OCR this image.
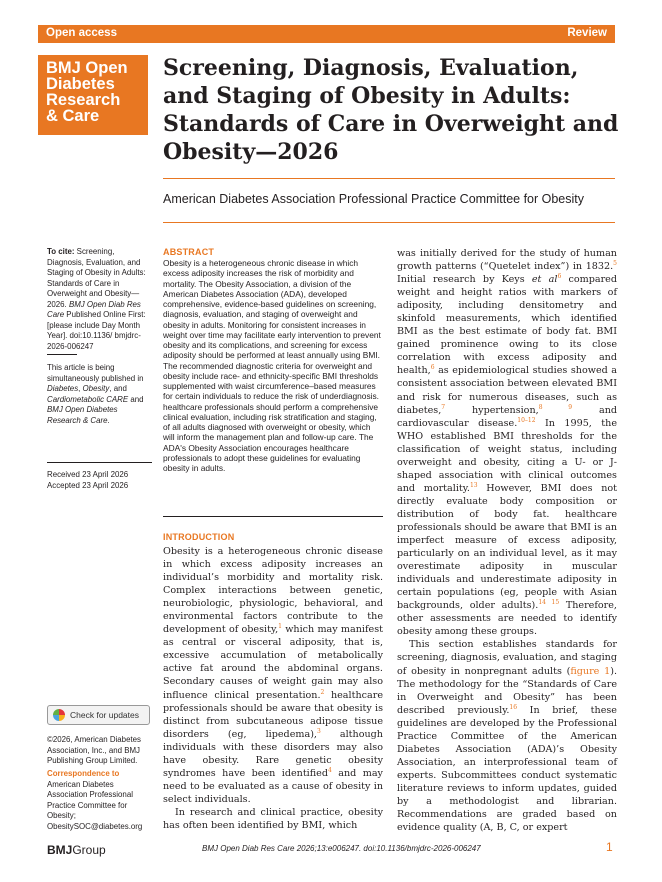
Open access	Review
BMJ Open
Diabetes
Research
& Care
Screening, Diagnosis, Evaluation, and Staging of Obesity in Adults: Standards of Care in Overweight and Obesity—2026
American Diabetes Association Professional Practice Committee for Obesity
To cite: Screening, Diagnosis, Evaluation, and Staging of Obesity in Adults: Standards of Care in Overweight and Obesity—2026. BMJ Open Diab Res Care Published Online First: [please include Day Month Year]. doi:10.1136/ bmjdrc-2026-006247
This article is being simultaneously published in Diabetes, Obesity, and Cardiometabolic CARE and BMJ Open Diabetes Research & Care.
Received 23 April 2026
Accepted 23 April 2026
Check for updates
©2026, American Diabetes Association, Inc., and BMJ Publishing Group Limited.
Correspondence to
American Diabetes Association Professional Practice Committee for Obesity; ObesitySOC@diabetes.org
ABSTRACT
Obesity is a heterogeneous chronic disease in which excess adiposity increases the risk of morbidity and mortality. The Obesity Association, a division of the American Diabetes Association (ADA), developed comprehensive, evidence-based guidelines on screening, diagnosis, evaluation, and staging of overweight and obesity in adults. Monitoring for consistent increases in weight over time may facilitate early intervention to prevent obesity and its complications, and screening for excess adiposity should be performed at least annually using BMI. The recommended diagnostic criteria for overweight and obesity include race- and ethnicity-specific BMI thresholds supplemented with waist circumference–based measures for certain individuals to reduce the risk of underdiagnosis. healthcare professionals should perform a comprehensive clinical evaluation, including risk stratification and staging, of all adults diagnosed with overweight or obesity, which will inform the management plan and follow-up care. The ADA's Obesity Association encourages healthcare professionals to adopt these guidelines for evaluating obesity in adults.
INTRODUCTION

Obesity is a heterogeneous chronic disease in which excess adiposity increases an individual’s morbidity and mortality risk. Complex interactions between genetic, neurobiologic, physiologic, behavioral, and environmental factors contribute to the development of obesity,$^1$ which may manifest as central or visceral adiposity, that is, excessive accumulation of metabolically active fat around the abdominal organs. Secondary causes of weight gain may also influence clinical presentation.$^2$ healthcare professionals should be aware that obesity is distinct from subcutaneous adipose tissue disorders (eg, lipedema),$^3$ although individuals with these disorders may also have obesity. Rare genetic obesity syndromes have been identified$^4$ and may need to be evaluated as a cause of obesity in select individuals.

In research and clinical practice, obesity has often been identified by BMI, which

was initially derived for the study of human growth patterns (“Quetelet index”) in 1832.$^5$ Initial research by Keys et $al^6$ compared weight and height ratios with markers of adiposity, including densitometry and skinfold measurements, which identified BMI as the best estimate of body fat. BMI gained prominence owing to its close correlation with excess adiposity and health,$^6$ as epidemiological studies showed a consistent association between elevated BMI and risk for numerous diseases, such as diabetes,$^7$ hypertension,$^{8 9}$ and cardiovascular disease.$^{10-12}$ In 1995, the WHO established BMI thresholds for the classification of weight status, including overweight and obesity, citing a U- or J-shaped association with clinical outcomes and mortality.$^{13}$ However, BMI does not directly evaluate body composition or distribution of body fat. healthcare professionals should be aware that BMI is an imperfect measure of excess adiposity, particularly on an individual level, as it may overestimate adiposity in muscular individuals and underestimate adiposity in certain populations (eg, people with Asian backgrounds, older adults).$^{14 15}$ Therefore, other assessments are needed to identify obesity among these groups.

This section establishes standards for screening, diagnosis, evaluation, and staging of obesity in nonpregnant adults (figure 1). The methodology for the “Standards of Care in Overweight and Obesity” has been described previously.$^{16}$ In brief, these guidelines are developed by the Professional Practice Committee of the American Diabetes Association (ADA)’s Obesity Association, an interprofessional team of experts. Subcommittees conduct systematic literature reviews to inform updates, guided by a methodologist and librarian. Recommendations are graded based on evidence quality (A, B, C, or expert

BMJGroup	BMJ Open Diab Res Care 2026;13:e006247. doi:10.1136/bmjdrc-2026-006247	1
